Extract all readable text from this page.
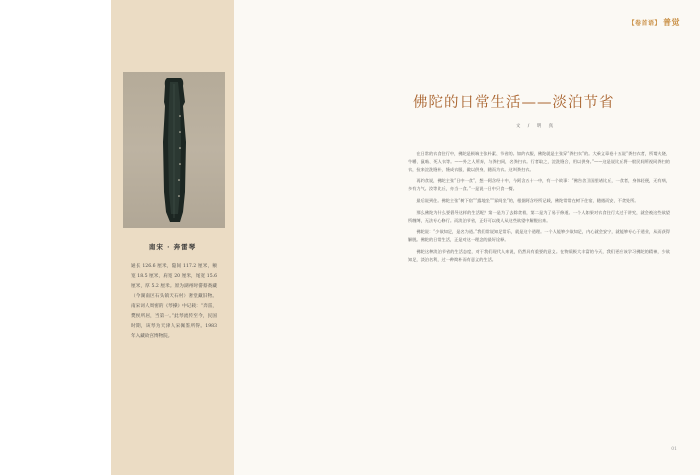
南宋 · 奔雷琴

通长 126.6 厘米，隐间 117.2 厘米，额宽 18.5 厘米，肩宽 20 厘米，尾宽 15.6 厘米，厚 5.2 厘米。原为湖州时畲蔡赉藏（今湖南区石头镇天石村）奢堂藏旧物。南宋词人周密的《琴操》中记载：“奔雷，樊侯所居，当第一。”此琴流传至今，民国时期，该琴为天津人宋佩鉴所得。1983 年入藏故宫博物院。

【卷首语】 普觉
佛陀的日常生活——淡泊节省
文 / 明 真

在日常的衣食住行中，佛陀是极端主张朴素、节省的。如约衣服，佛陀就是主张穿“粪扫衣”的。大乘义章卷十五说“粪扫衣者，所谓火烧、牛嚼、鼠啮、死人衣等。——外之人所弃，与粪扫同，名粪扫衣。行者取之，浣洗缝合，用以供身。”——这是说比丘将一般民间所视同粪扫的衣，捡来浣洗缝补，缝成衣服，做以供身，随而为衣。这叫粪扫衣。

再约食说，佛陀主张“日中一食”，想一阿含经十中，今阿含五十一中，有一个故事：“佛告舍卫国里诸比丘，一食者，身体轻便，无有病，多有力气。汝等比丘，亦当一食。”一是说一日中只食一餐。

最后说到住。佛陀主张“树下宿”“露地坐”“冢间坐”的，根据阿含经所记载，佛陀常常在树下住宿，随遇而安，不贪处所。

那么佛陀为什么要倡导这样的生活呢？第一是为了去除贪着，第二是为了易于修道。一个人如果对衣食住行太过于讲究，就会被这些欲望所缠缚，无法专心修行。而淡泊节省，正好可以使人从这些欲望中解脱出来。

佛陀说：“少欲知足，是名为道。”我们常说知足常乐，就是这个道理。一个人能够少欲知足，内心就会安宁，就能够专心于道业，从而获得解脱。佛陀的日常生活，正是对这一理念的最好诠释。

佛陀这种淡泊节省的生活态度，对于我们现代人来说，仍然具有重要的意义。在物质极大丰富的今天，我们更应该学习佛陀的精神，少欲知足，淡泊名利，过一种简朴而有意义的生活。

01
